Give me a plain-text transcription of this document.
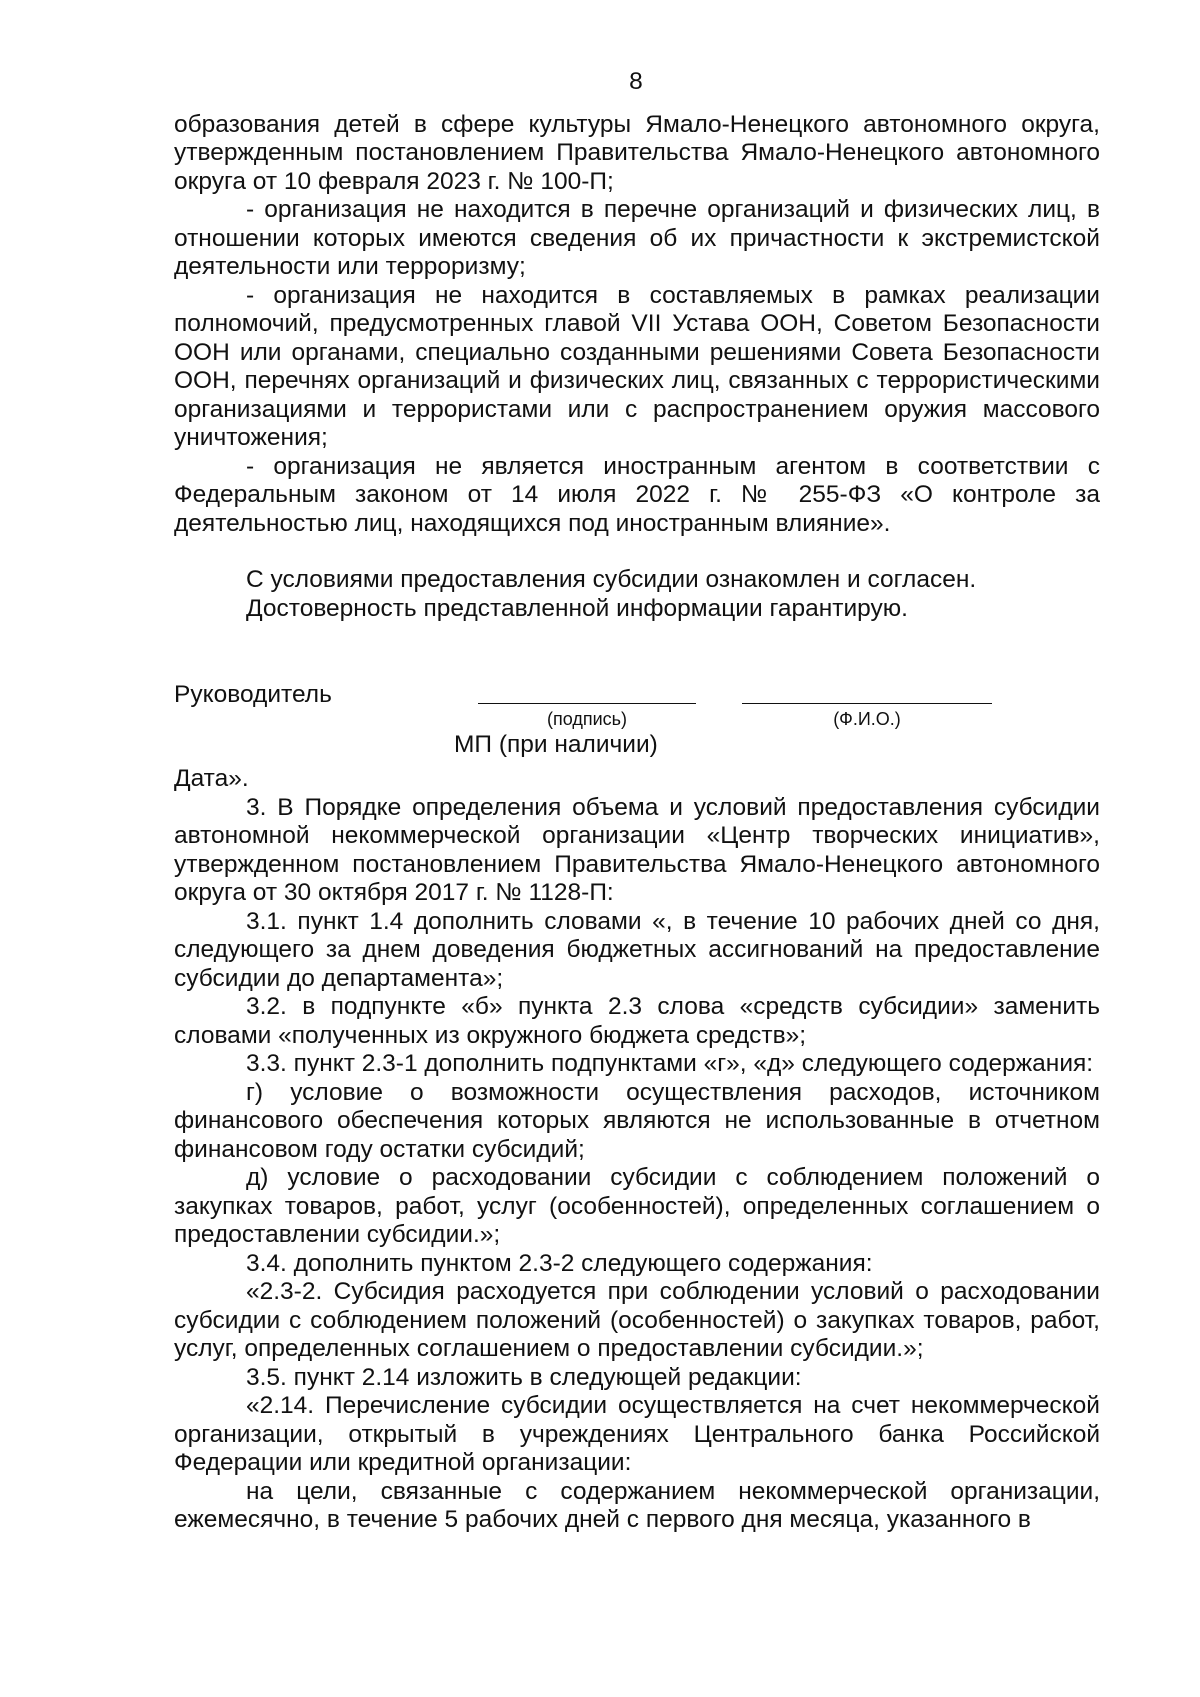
8

образования детей в сфере культуры Ямало-Ненецкого автономного округа, утвержденным постановлением Правительства Ямало-Ненецкого автономного округа от 10 февраля 2023 г. № 100-П;

- организация не находится в перечне организаций и физических лиц, в отношении которых имеются сведения об их причастности к экстремистской деятельности или терроризму;

- организация не находится в составляемых в рамках реализации полномочий, предусмотренных главой VII Устава ООН, Советом Безопасности ООН или органами, специально созданными решениями Совета Безопасности ООН, перечнях организаций и физических лиц, связанных с террористическими организациями и террористами или с распространением оружия массового уничтожения;

- организация не является иностранным агентом в соответствии с Федеральным законом от 14 июля 2022 г. № 255-ФЗ «О контроле за деятельностью лиц, находящихся под иностранным влияние».

С условиями предоставления субсидии ознакомлен и согласен.

Достоверность представленной информации гарантирую.

Руководитель
(подпись)	(Ф.И.О.)
МП (при наличии)

Дата».

3. В Порядке определения объема и условий предоставления субсидии автономной некоммерческой организации «Центр творческих инициатив», утвержденном постановлением Правительства Ямало-Ненецкого автономного округа от 30 октября 2017 г. № 1128-П:

3.1. пункт 1.4 дополнить словами «, в течение 10 рабочих дней со дня, следующего за днем доведения бюджетных ассигнований на предоставление субсидии до департамента»;

3.2. в подпункте «б» пункта 2.3 слова «средств субсидии» заменить словами «полученных из окружного бюджета средств»;

3.3. пункт 2.3-1 дополнить подпунктами «г», «д» следующего содержания:

г) условие о возможности осуществления расходов, источником финансового обеспечения которых являются не использованные в отчетном финансовом году остатки субсидий;

д) условие о расходовании субсидии с соблюдением положений о закупках товаров, работ, услуг (особенностей), определенных соглашением о предоставлении субсидии.»;

3.4. дополнить пунктом 2.3-2 следующего содержания:

«2.3-2. Субсидия расходуется при соблюдении условий о расходовании субсидии с соблюдением положений (особенностей) о закупках товаров, работ, услуг, определенных соглашением о предоставлении субсидии.»;

3.5. пункт 2.14 изложить в следующей редакции:

«2.14. Перечисление субсидии осуществляется на счет некоммерческой организации, открытый в учреждениях Центрального банка Российской Федерации или кредитной организации:

на цели, связанные с содержанием некоммерческой организации, ежемесячно, в течение 5 рабочих дней с первого дня месяца, указанного в
